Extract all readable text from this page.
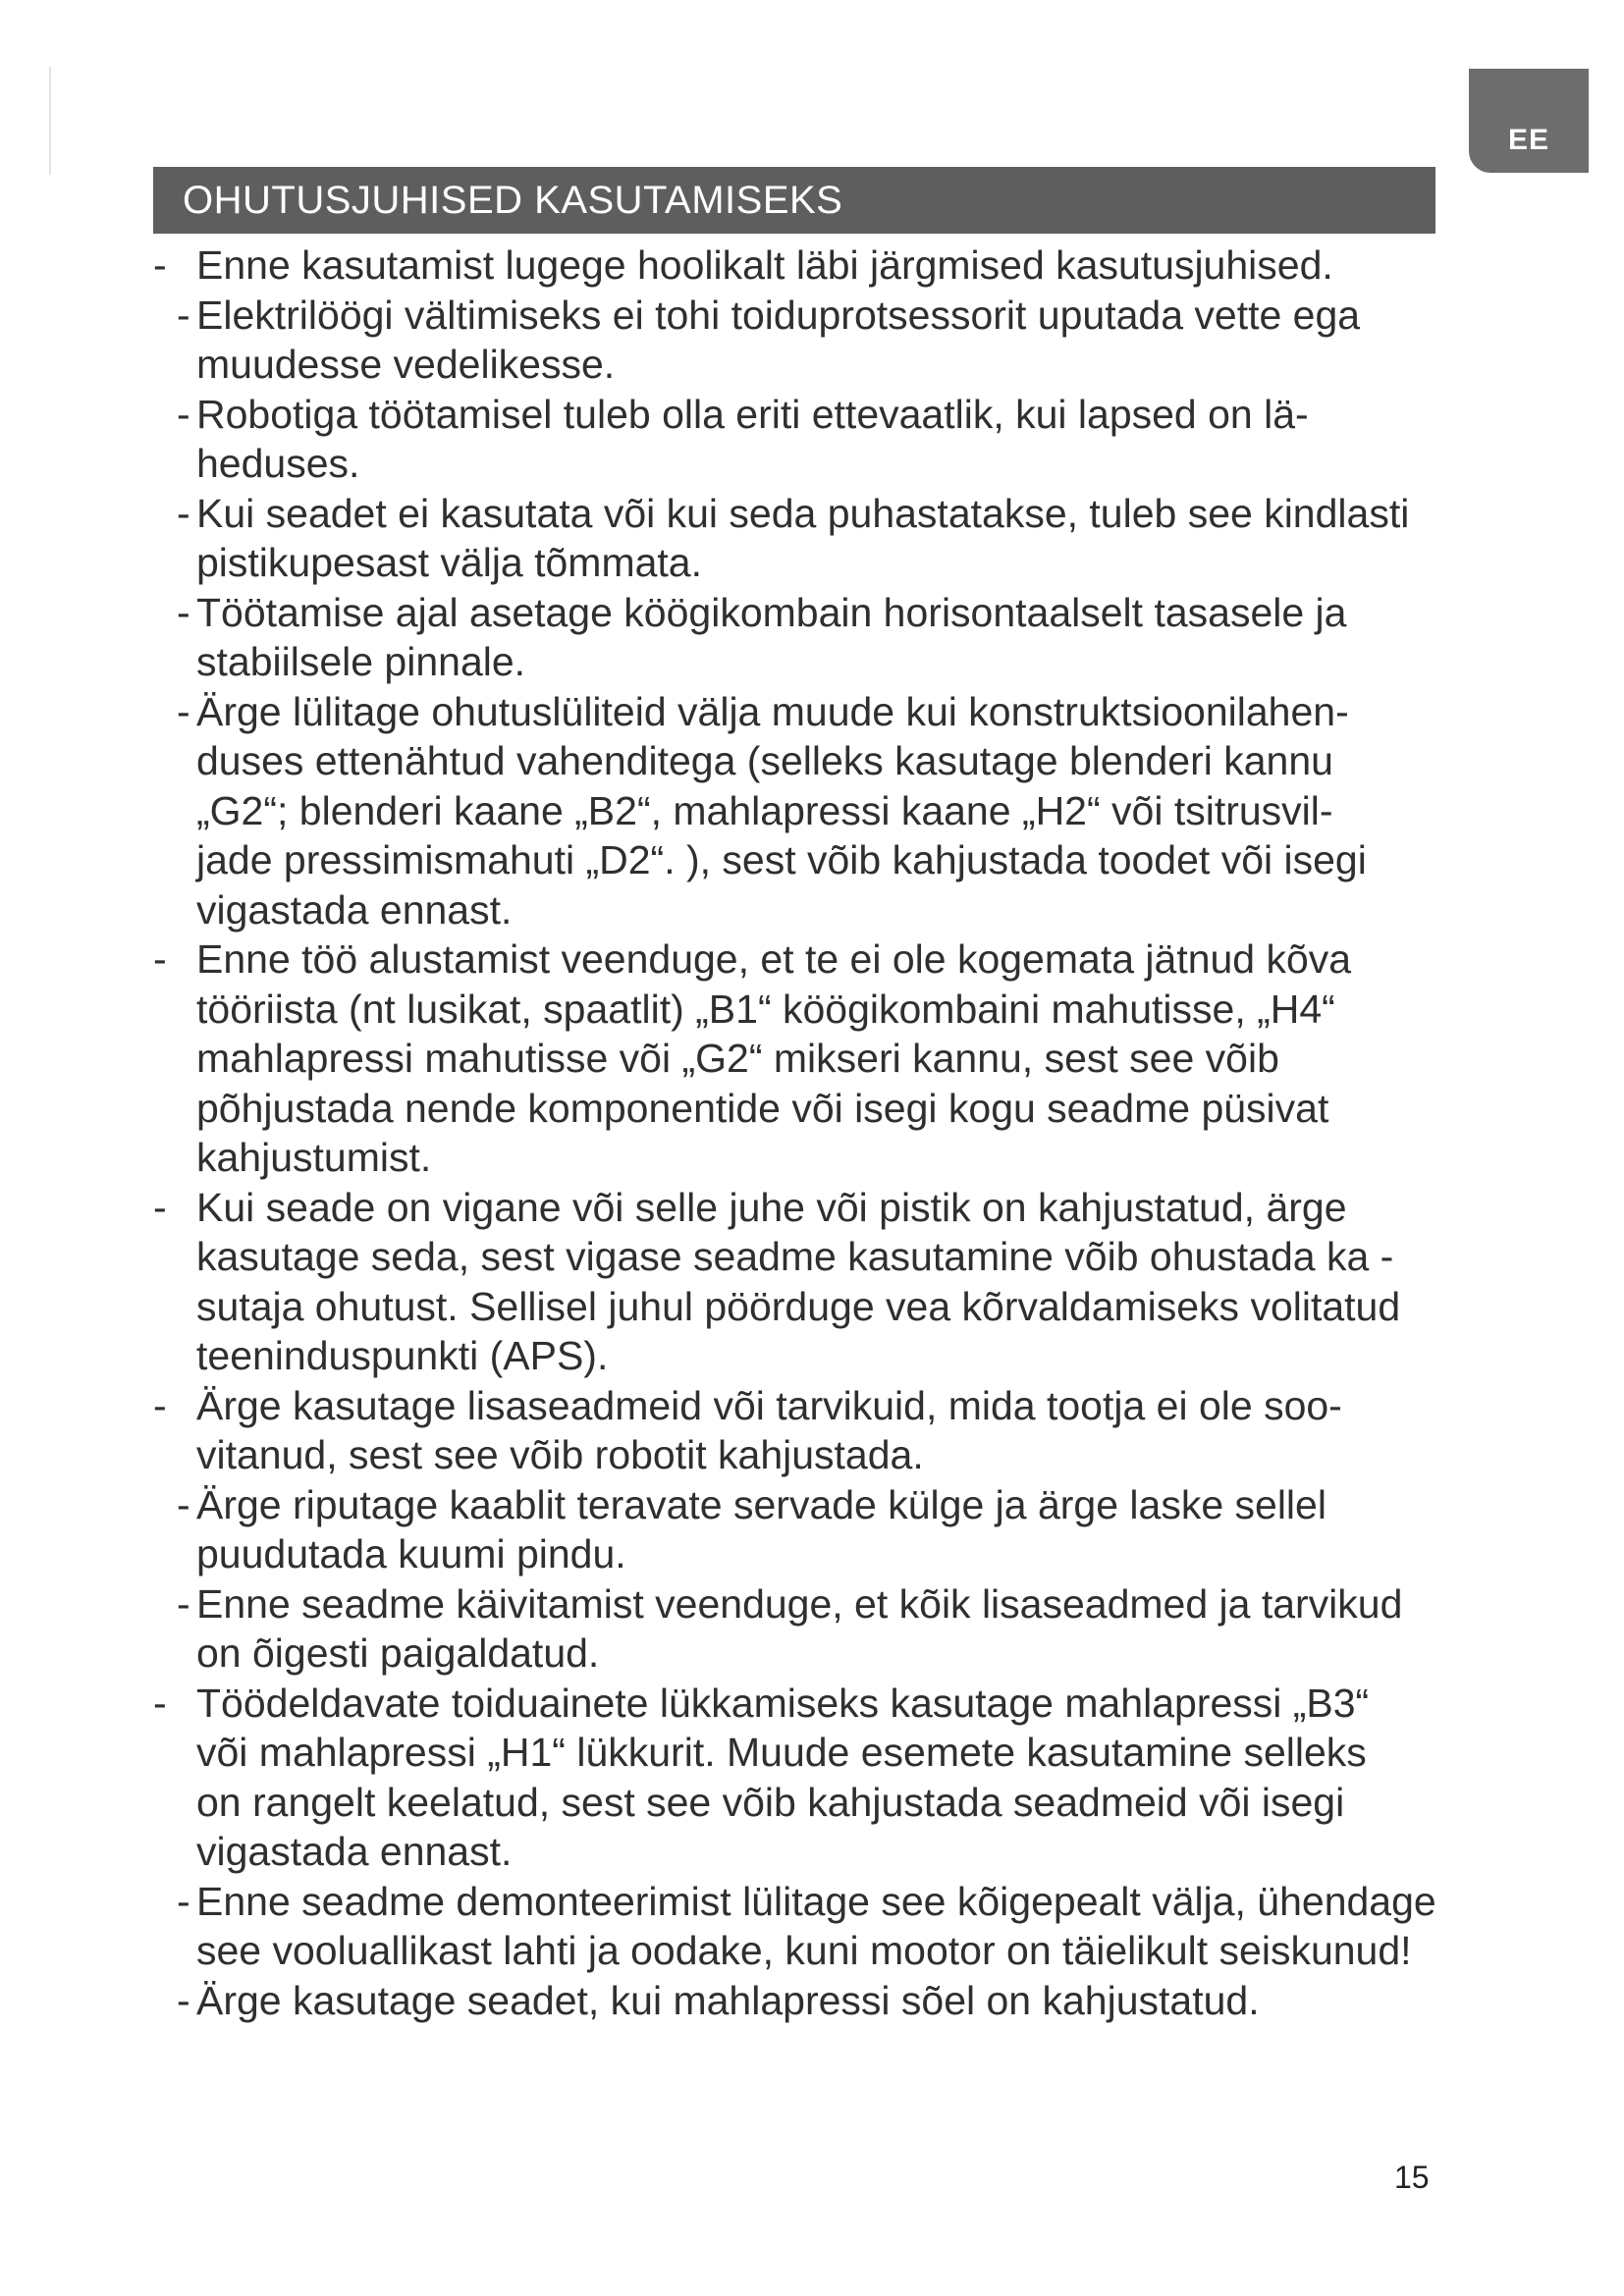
EE
OHUTUSJUHISED KASUTAMISEKS
- Enne kasutamist lugege hoolikalt läbi järgmised kasutusjuhised.
- Elektrilöögi vältimiseks ei tohi toiduprotsessorit uputada vette ega
muudesse vedelikesse.
- Robotiga töötamisel tuleb olla eriti ettevaatlik, kui lapsed on lä-
heduses.
- Kui seadet ei kasutata või kui seda puhastatakse, tuleb see kindlasti
pistikupesast välja tõmmata.
- Töötamise ajal asetage köögikombain horisontaalselt tasasele ja
stabiilsele pinnale.
- Ärge lülitage ohutuslüliteid välja muude kui konstruktsioonilahen-
duses ettenähtud vahenditega (selleks kasutage blenderi kannu
„G2“; blenderi kaane „B2“, mahlapressi kaane „H2“ või tsitrusvil-
jade pressimismahuti „D2“. ), sest võib kahjustada toodet või isegi
vigastada ennast.
- Enne töö alustamist veenduge, et te ei ole kogemata jätnud kõva
tööriista (nt lusikat, spaatlit) „B1“ köögikombaini mahutisse, „H4“
mahlapressi mahutisse või „G2“ mikseri kannu, sest see võib
põhjustada nende komponentide või isegi kogu seadme püsivat
kahjustumist.
- Kui seade on vigane või selle juhe või pistik on kahjustatud, ärge
kasutage seda, sest vigase seadme kasutamine võib ohustada ka -
sutaja ohutust. Sellisel juhul pöörduge vea kõrvaldamiseks volitatud
teeninduspunkti (APS).
- Ärge kasutage lisaseadmeid või tarvikuid, mida tootja ei ole soo-
vitanud, sest see võib robotit kahjustada.
- Ärge riputage kaablit teravate servade külge ja ärge laske sellel
puudutada kuumi pindu.
- Enne seadme käivitamist veenduge, et kõik lisaseadmed ja tarvikud
on õigesti paigaldatud.
- Töödeldavate toiduainete lükkamiseks kasutage mahlapressi „B3“
või mahlapressi „H1“ lükkurit. Muude esemete kasutamine selleks
on rangelt keelatud, sest see võib kahjustada seadmeid või isegi
vigastada ennast.
- Enne seadme demonteerimist lülitage see kõigepealt välja, ühendage
see vooluallikast lahti ja oodake, kuni mootor on täielikult seiskunud!
- Ärge kasutage seadet, kui mahlapressi sõel on kahjustatud.
15
